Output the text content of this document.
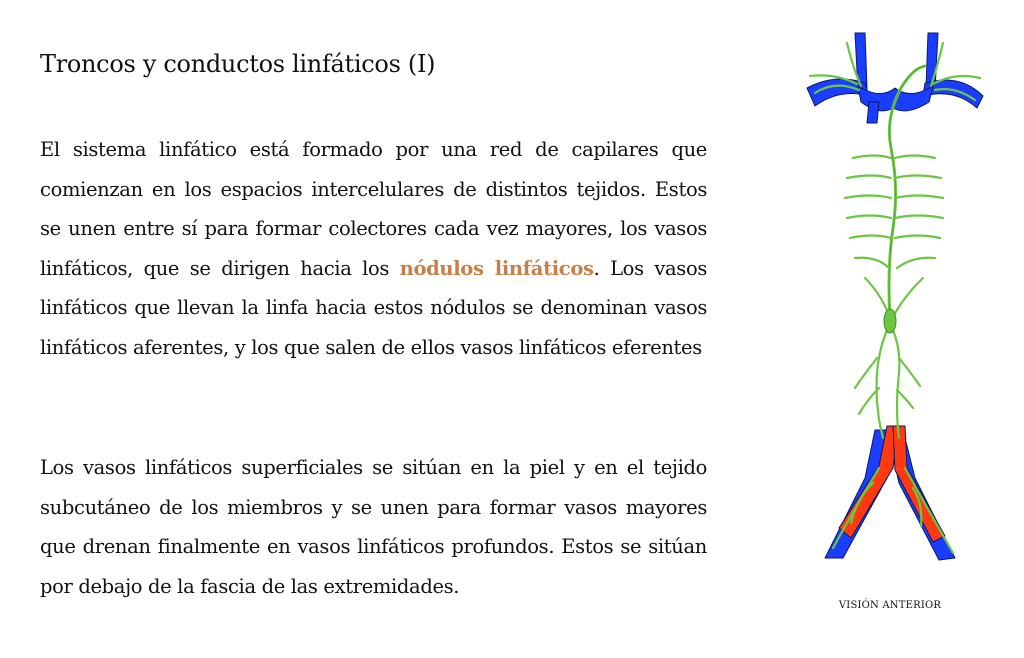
Troncos y conductos linfáticos (I)

El sistema linfático está formado por una red de capilares que comienzan en los espacios intercelulares de distintos tejidos. Estos se unen entre sí para formar colectores cada vez mayores, los vasos linfáticos, que se dirigen hacia los nódulos linfáticos. Los vasos linfáticos que llevan la linfa hacia estos nódulos se denominan vasos linfáticos aferentes, y los que salen de ellos vasos linfáticos eferentes

Los vasos linfáticos superficiales se sitúan en la piel y en el tejido subcutáneo de los miembros y se unen para formar vasos mayores que drenan finalmente en vasos linfáticos profundos. Estos se sitúan por debajo de la fascia de las extremidades.

VISIÓN ANTERIOR
